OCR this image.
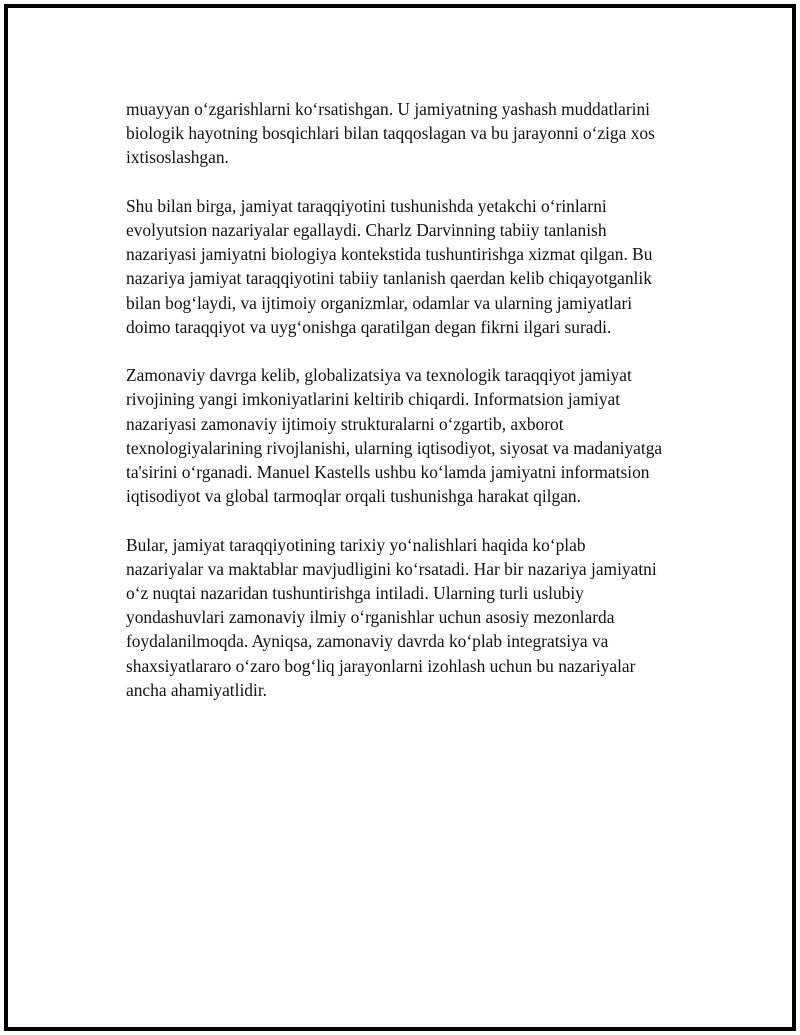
muayyan o‘zgarishlarni ko‘rsatishgan. U jamiyatning yashash muddatlarini
biologik hayotning bosqichlari bilan taqqoslagan va bu jarayonni o‘ziga xos
ixtisoslashgan.

Shu bilan birga, jamiyat taraqqiyotini tushunishda yetakchi o‘rinlarni
evolyutsion nazariyalar egallaydi. Charlz Darvinning tabiiy tanlanish
nazariyasi jamiyatni biologiya kontekstida tushuntirishga xizmat qilgan. Bu
nazariya jamiyat taraqqiyotini tabiiy tanlanish qaerdan kelib chiqayotganlik
bilan bog‘laydi, va ijtimoiy organizmlar, odamlar va ularning jamiyatlari
doimo taraqqiyot va uyg‘onishga qaratilgan degan fikrni ilgari suradi.

Zamonaviy davrga kelib, globalizatsiya va texnologik taraqqiyot jamiyat
rivojining yangi imkoniyatlarini keltirib chiqardi. Informatsion jamiyat
nazariyasi zamonaviy ijtimoiy strukturalarni o‘zgartib, axborot
texnologiyalarining rivojlanishi, ularning iqtisodiyot, siyosat va madaniyatga
ta'sirini o‘rganadi. Manuel Kastells ushbu ko‘lamda jamiyatni informatsion
iqtisodiyot va global tarmoqlar orqali tushunishga harakat qilgan.

Bular, jamiyat taraqqiyotining tarixiy yo‘nalishlari haqida ko‘plab
nazariyalar va maktablar mavjudligini ko‘rsatadi. Har bir nazariya jamiyatni
o‘z nuqtai nazaridan tushuntirishga intiladi. Ularning turli uslubiy
yondashuvlari zamonaviy ilmiy o‘rganishlar uchun asosiy mezonlarda
foydalanilmoqda. Ayniqsa, zamonaviy davrda ko‘plab integratsiya va
shaxsiyatlararo o‘zaro bog‘liq jarayonlarni izohlash uchun bu nazariyalar
ancha ahamiyatlidir.
